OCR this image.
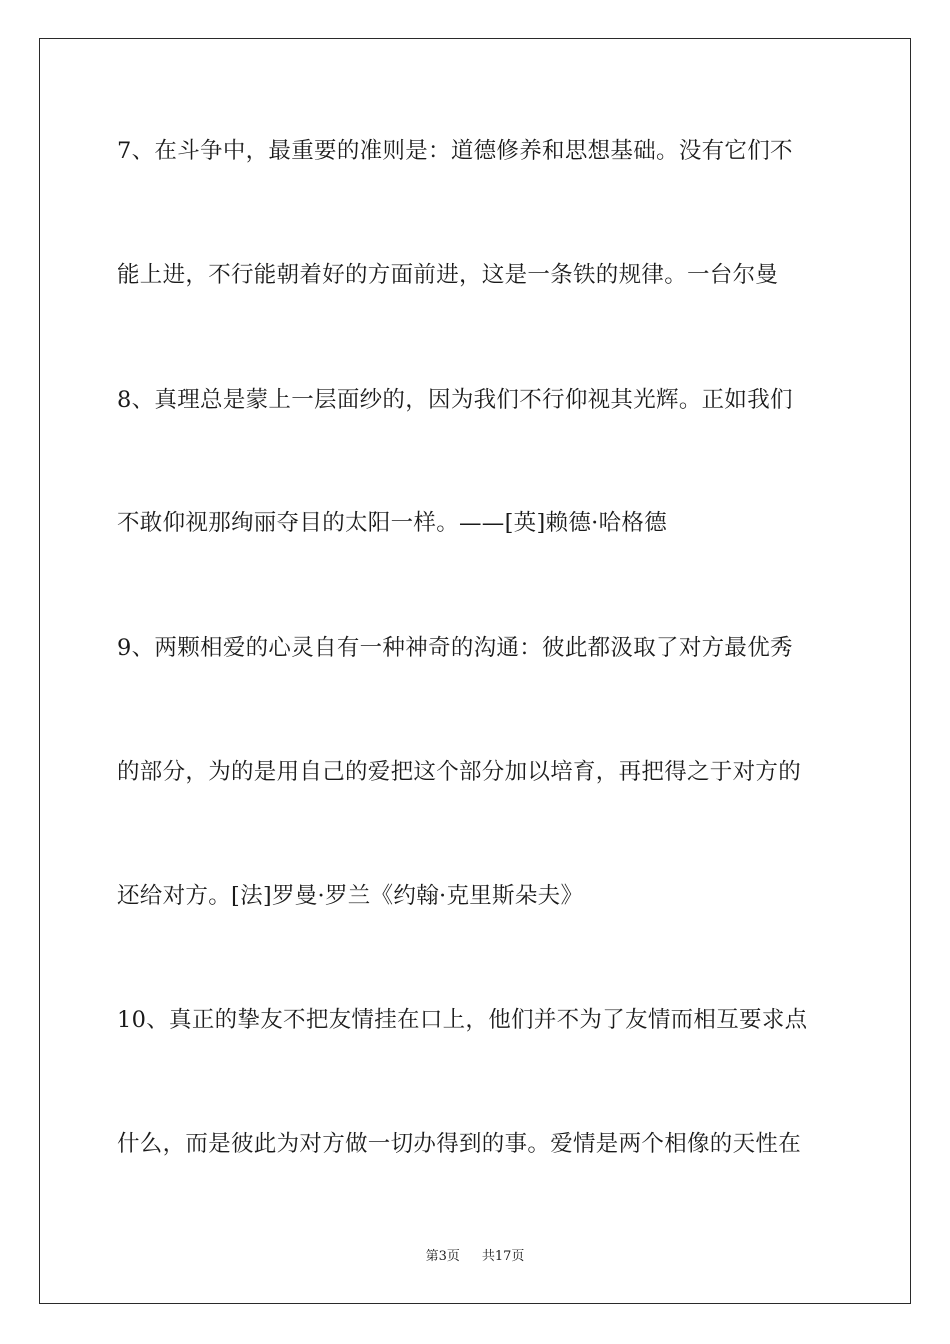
7、在斗争中，最重要的准则是：道德修养和思想基础。没有它们不
能上进，不行能朝着好的方面前进，这是一条铁的规律。一台尔曼
8、真理总是蒙上一层面纱的，因为我们不行仰视其光辉。正如我们
不敢仰视那绚丽夺目的太阳一样。——[英]赖德·哈格德
9、两颗相爱的心灵自有一种神奇的沟通：彼此都汲取了对方最优秀
的部分，为的是用自己的爱把这个部分加以培育，再把得之于对方的
还给对方。[法]罗曼·罗兰《约翰·克里斯朵夫》
10、真正的挚友不把友情挂在口上，他们并不为了友情而相互要求点
什么，而是彼此为对方做一切办得到的事。爱情是两个相像的天性在
第3页 共17页
